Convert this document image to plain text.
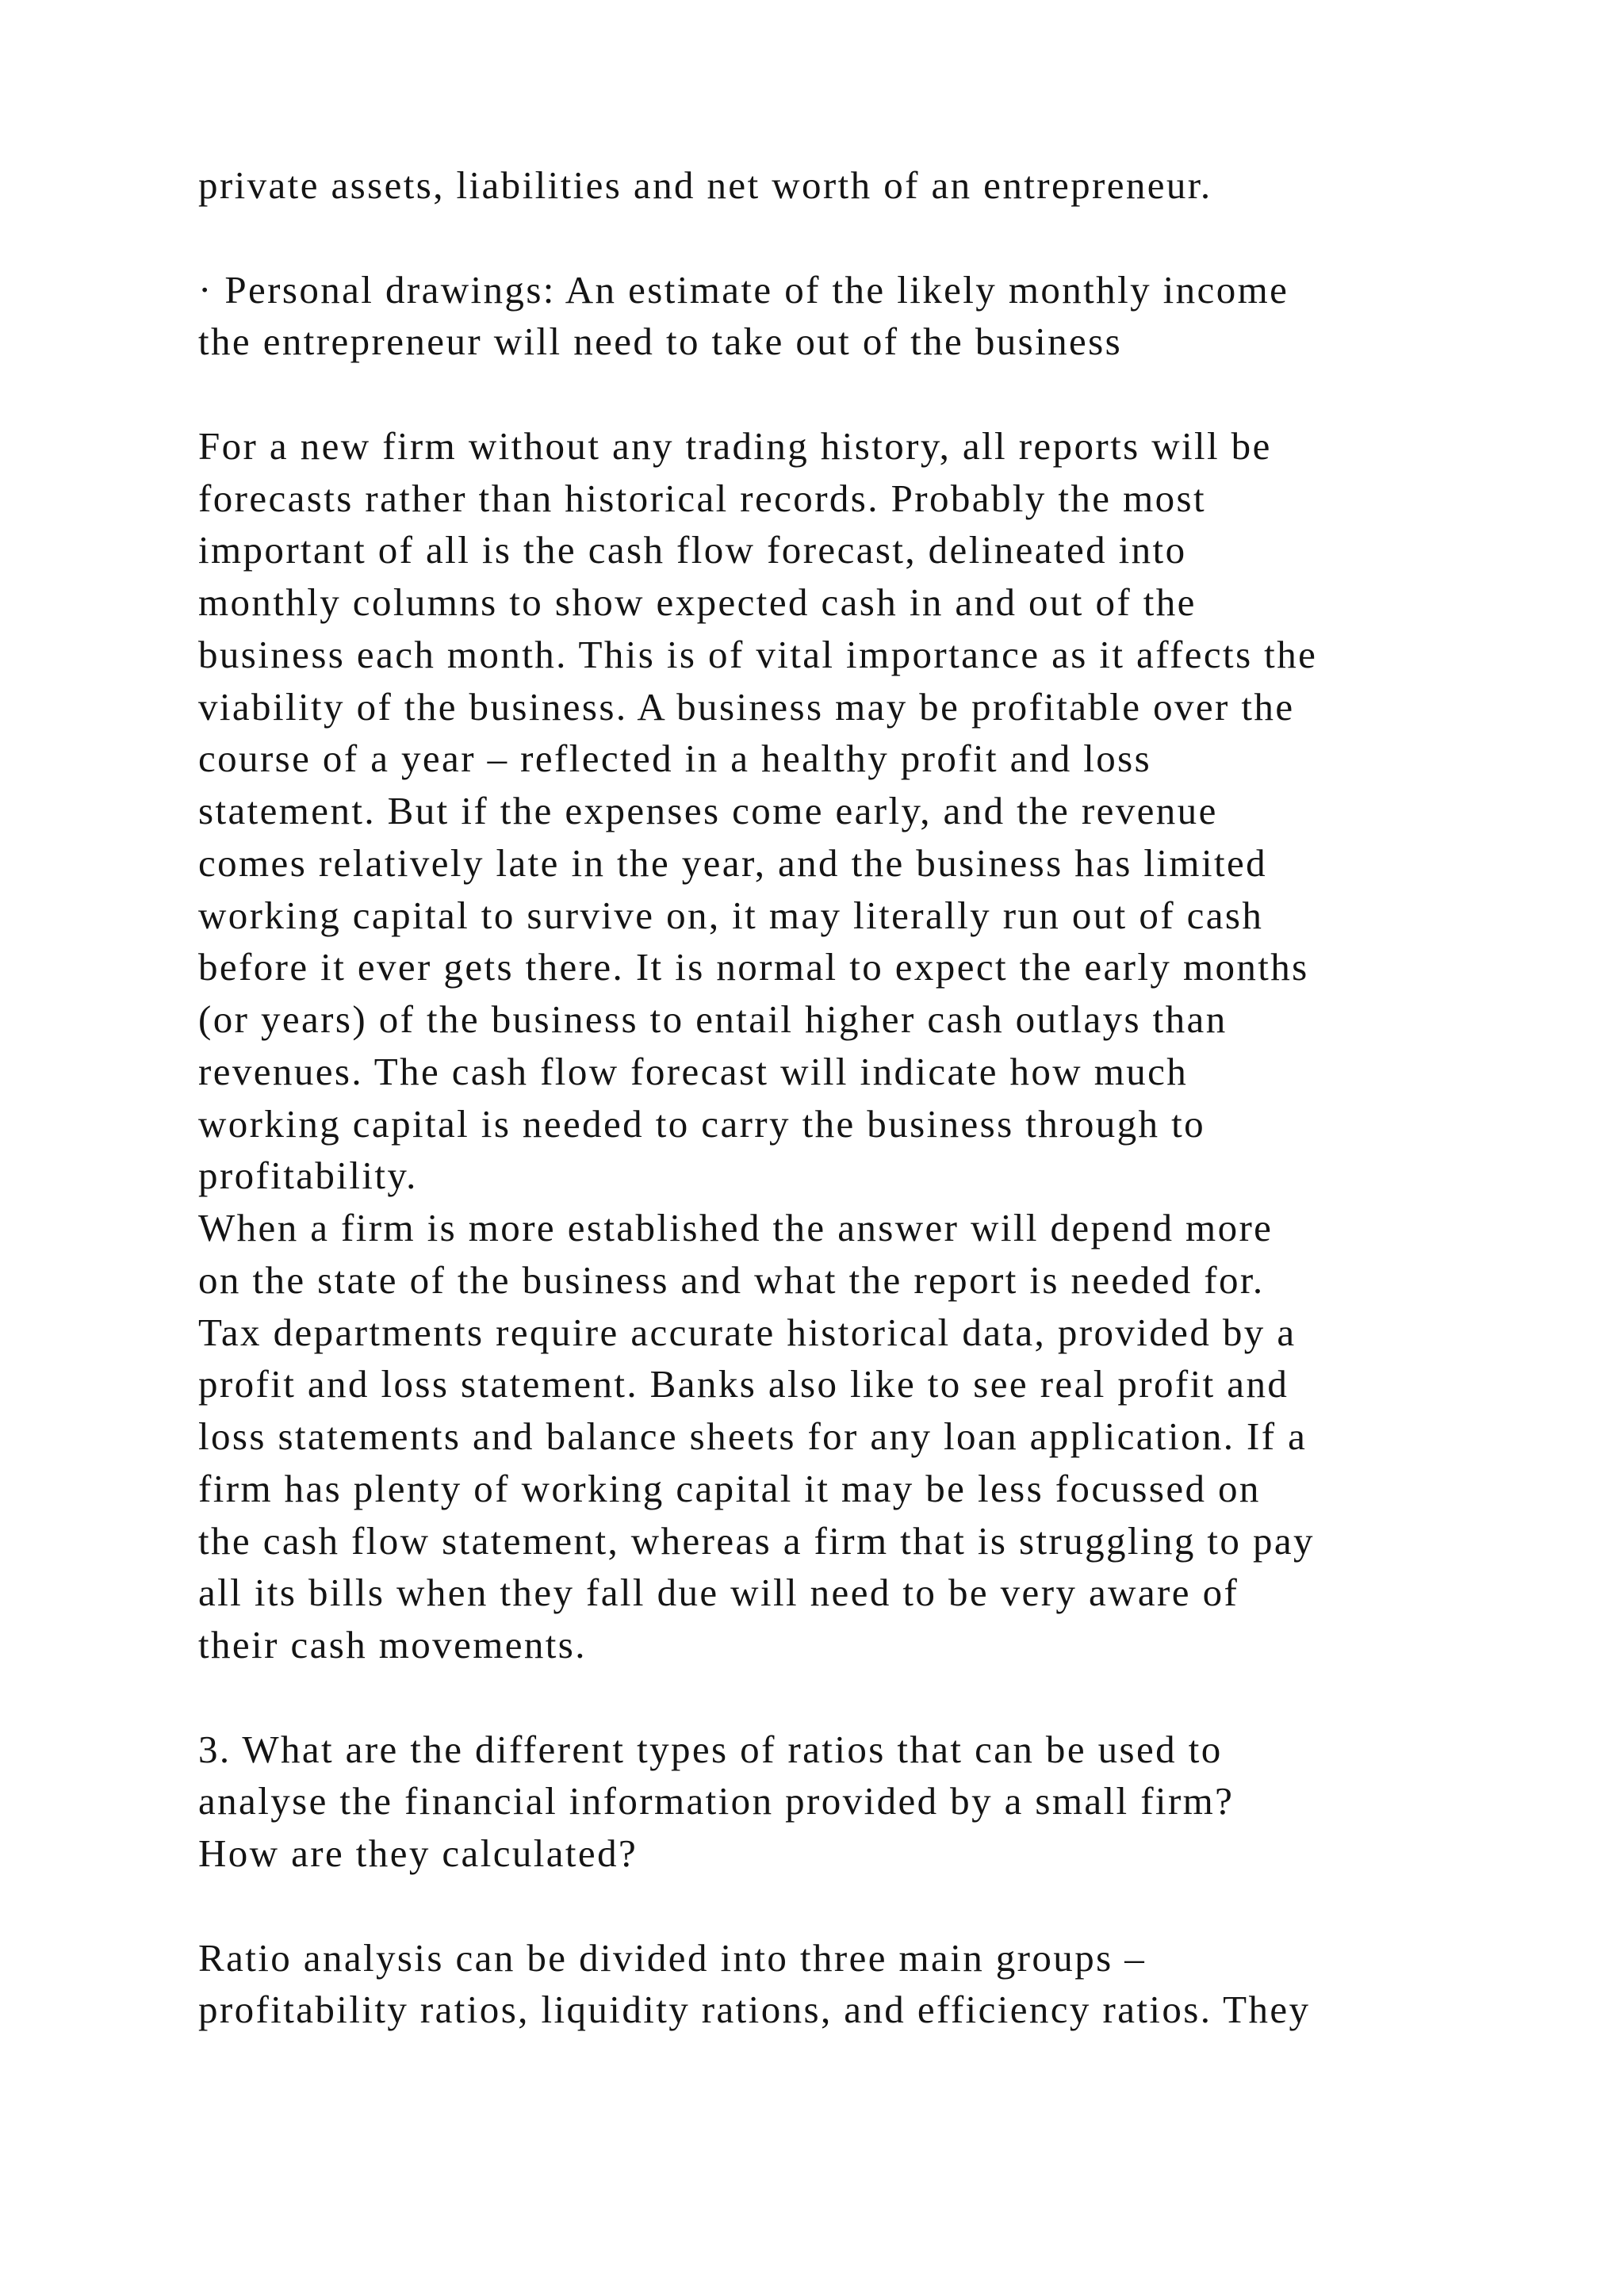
private assets, liabilities and net worth of an entrepreneur.
· Personal drawings: An estimate of the likely monthly income
the entrepreneur will need to take out of the business
For a new firm without any trading history, all reports will be
forecasts rather than historical records. Probably the most
important of all is the cash flow forecast, delineated into
monthly columns to show expected cash in and out of the
business each month. This is of vital importance as it affects the
viability of the business. A business may be profitable over the
course of a year – reflected in a healthy profit and loss
statement. But if the expenses come early, and the revenue
comes relatively late in the year, and the business has limited
working capital to survive on, it may literally run out of cash
before it ever gets there. It is normal to expect the early months
(or years) of the business to entail higher cash outlays than
revenues. The cash flow forecast will indicate how much
working capital is needed to carry the business through to
profitability.
When a firm is more established the answer will depend more
on the state of the business and what the report is needed for.
Tax departments require accurate historical data, provided by a
profit and loss statement. Banks also like to see real profit and
loss statements and balance sheets for any loan application. If a
firm has plenty of working capital it may be less focussed on
the cash flow statement, whereas a firm that is struggling to pay
all its bills when they fall due will need to be very aware of
their cash movements.
3. What are the different types of ratios that can be used to
analyse the financial information provided by a small firm?
How are they calculated?
Ratio analysis can be divided into three main groups –
profitability ratios, liquidity rations, and efficiency ratios. They
